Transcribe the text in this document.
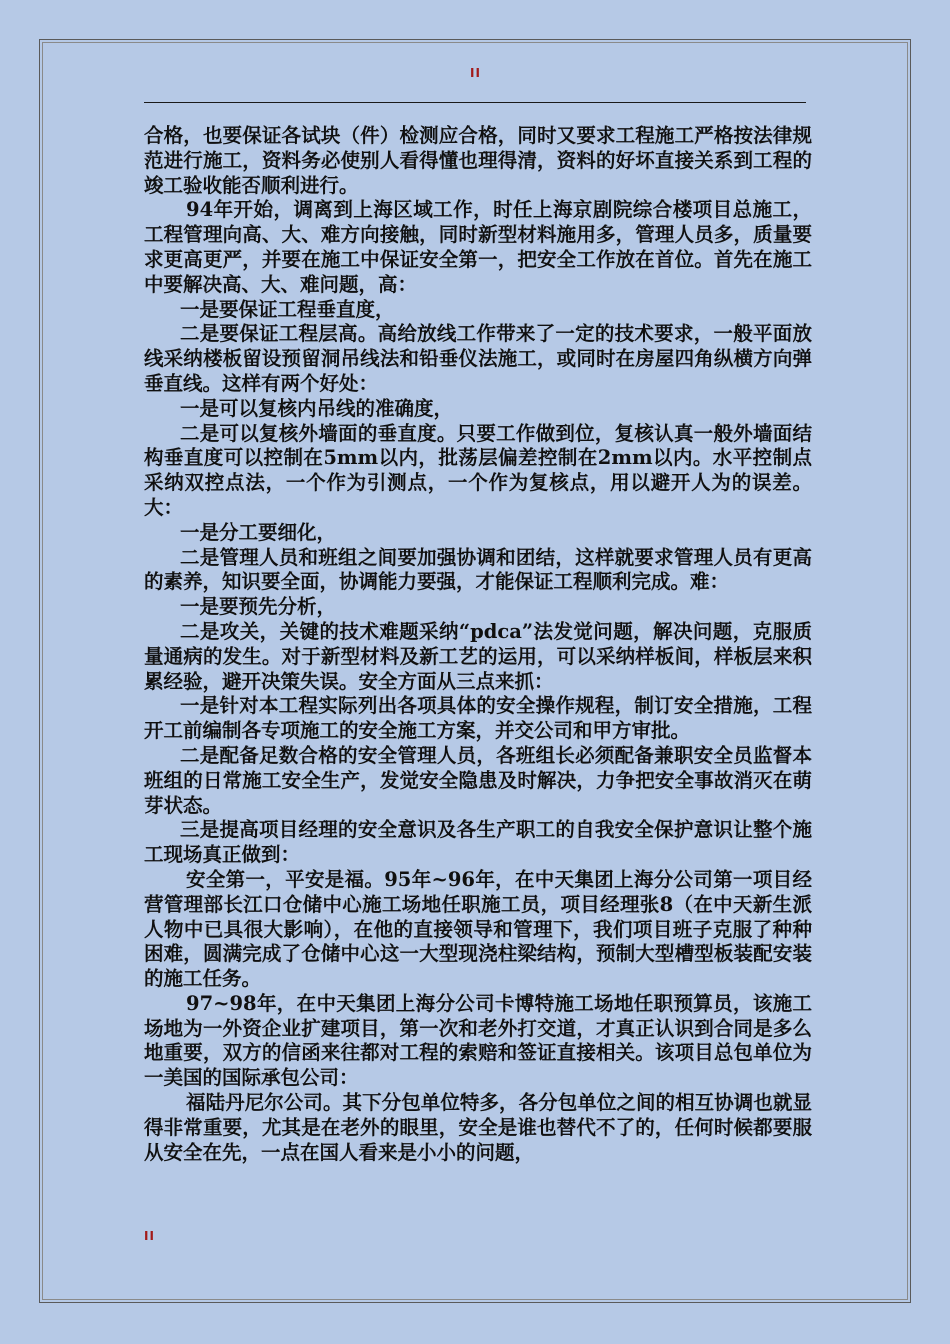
II

合格，也要保证各试块（件）检测应合格，同时又要求工程施工严格按法律规范进行施工，资料务必使别人看得懂也理得清，资料的好坏直接关系到工程的竣工验收能否顺利进行。

94年开始，调离到上海区域工作，时任上海京剧院综合楼项目总施工，工程管理向高、大、难方向接触，同时新型材料施用多，管理人员多，质量要求更高更严，并要在施工中保证安全第一，把安全工作放在首位。首先在施工中要解决高、大、难问题，高：

一是要保证工程垂直度，

二是要保证工程层高。高给放线工作带来了一定的技术要求，一般平面放线采纳楼板留设预留洞吊线法和铅垂仪法施工，或同时在房屋四角纵横方向弹垂直线。这样有两个好处：

一是可以复核内吊线的准确度，

二是可以复核外墙面的垂直度。只要工作做到位，复核认真一般外墙面结构垂直度可以控制在5mm以内，批荡层偏差控制在2mm以内。水平控制点采纳双控点法，一个作为引测点，一个作为复核点，用以避开人为的误差。大：

一是分工要细化，

二是管理人员和班组之间要加强协调和团结，这样就要求管理人员有更高的素养，知识要全面，协调能力要强，才能保证工程顺利完成。难：

一是要预先分析，

二是攻关，关键的技术难题采纳“pdca”法发觉问题，解决问题，克服质量通病的发生。对于新型材料及新工艺的运用，可以采纳样板间，样板层来积累经验，避开决策失误。安全方面从三点来抓：

一是针对本工程实际列出各项具体的安全操作规程，制订安全措施，工程开工前编制各专项施工的安全施工方案，并交公司和甲方审批。

二是配备足数合格的安全管理人员，各班组长必须配备兼职安全员监督本班组的日常施工安全生产，发觉安全隐患及时解决，力争把安全事故消灭在萌芽状态。

三是提高项目经理的安全意识及各生产职工的自我安全保护意识让整个施工现场真正做到：

安全第一，平安是福。95年~96年，在中天集团上海分公司第一项目经营管理部长江口仓储中心施工场地任职施工员，项目经理张8（在中天新生派人物中已具很大影响），在他的直接领导和管理下，我们项目班子克服了种种困难，圆满完成了仓储中心这一大型现浇柱梁结构，预制大型槽型板装配安装的施工任务。

97~98年，在中天集团上海分公司卡博特施工场地任职预算员，该施工场地为一外资企业扩建项目，第一次和老外打交道，才真正认识到合同是多么地重要，双方的信函来往都对工程的索赔和签证直接相关。该项目总包单位为一美国的国际承包公司：

福陆丹尼尔公司。其下分包单位特多，各分包单位之间的相互协调也就显得非常重要，尤其是在老外的眼里，安全是谁也替代不了的，任何时候都要服从安全在先，一点在国人看来是小小的问题，

II
